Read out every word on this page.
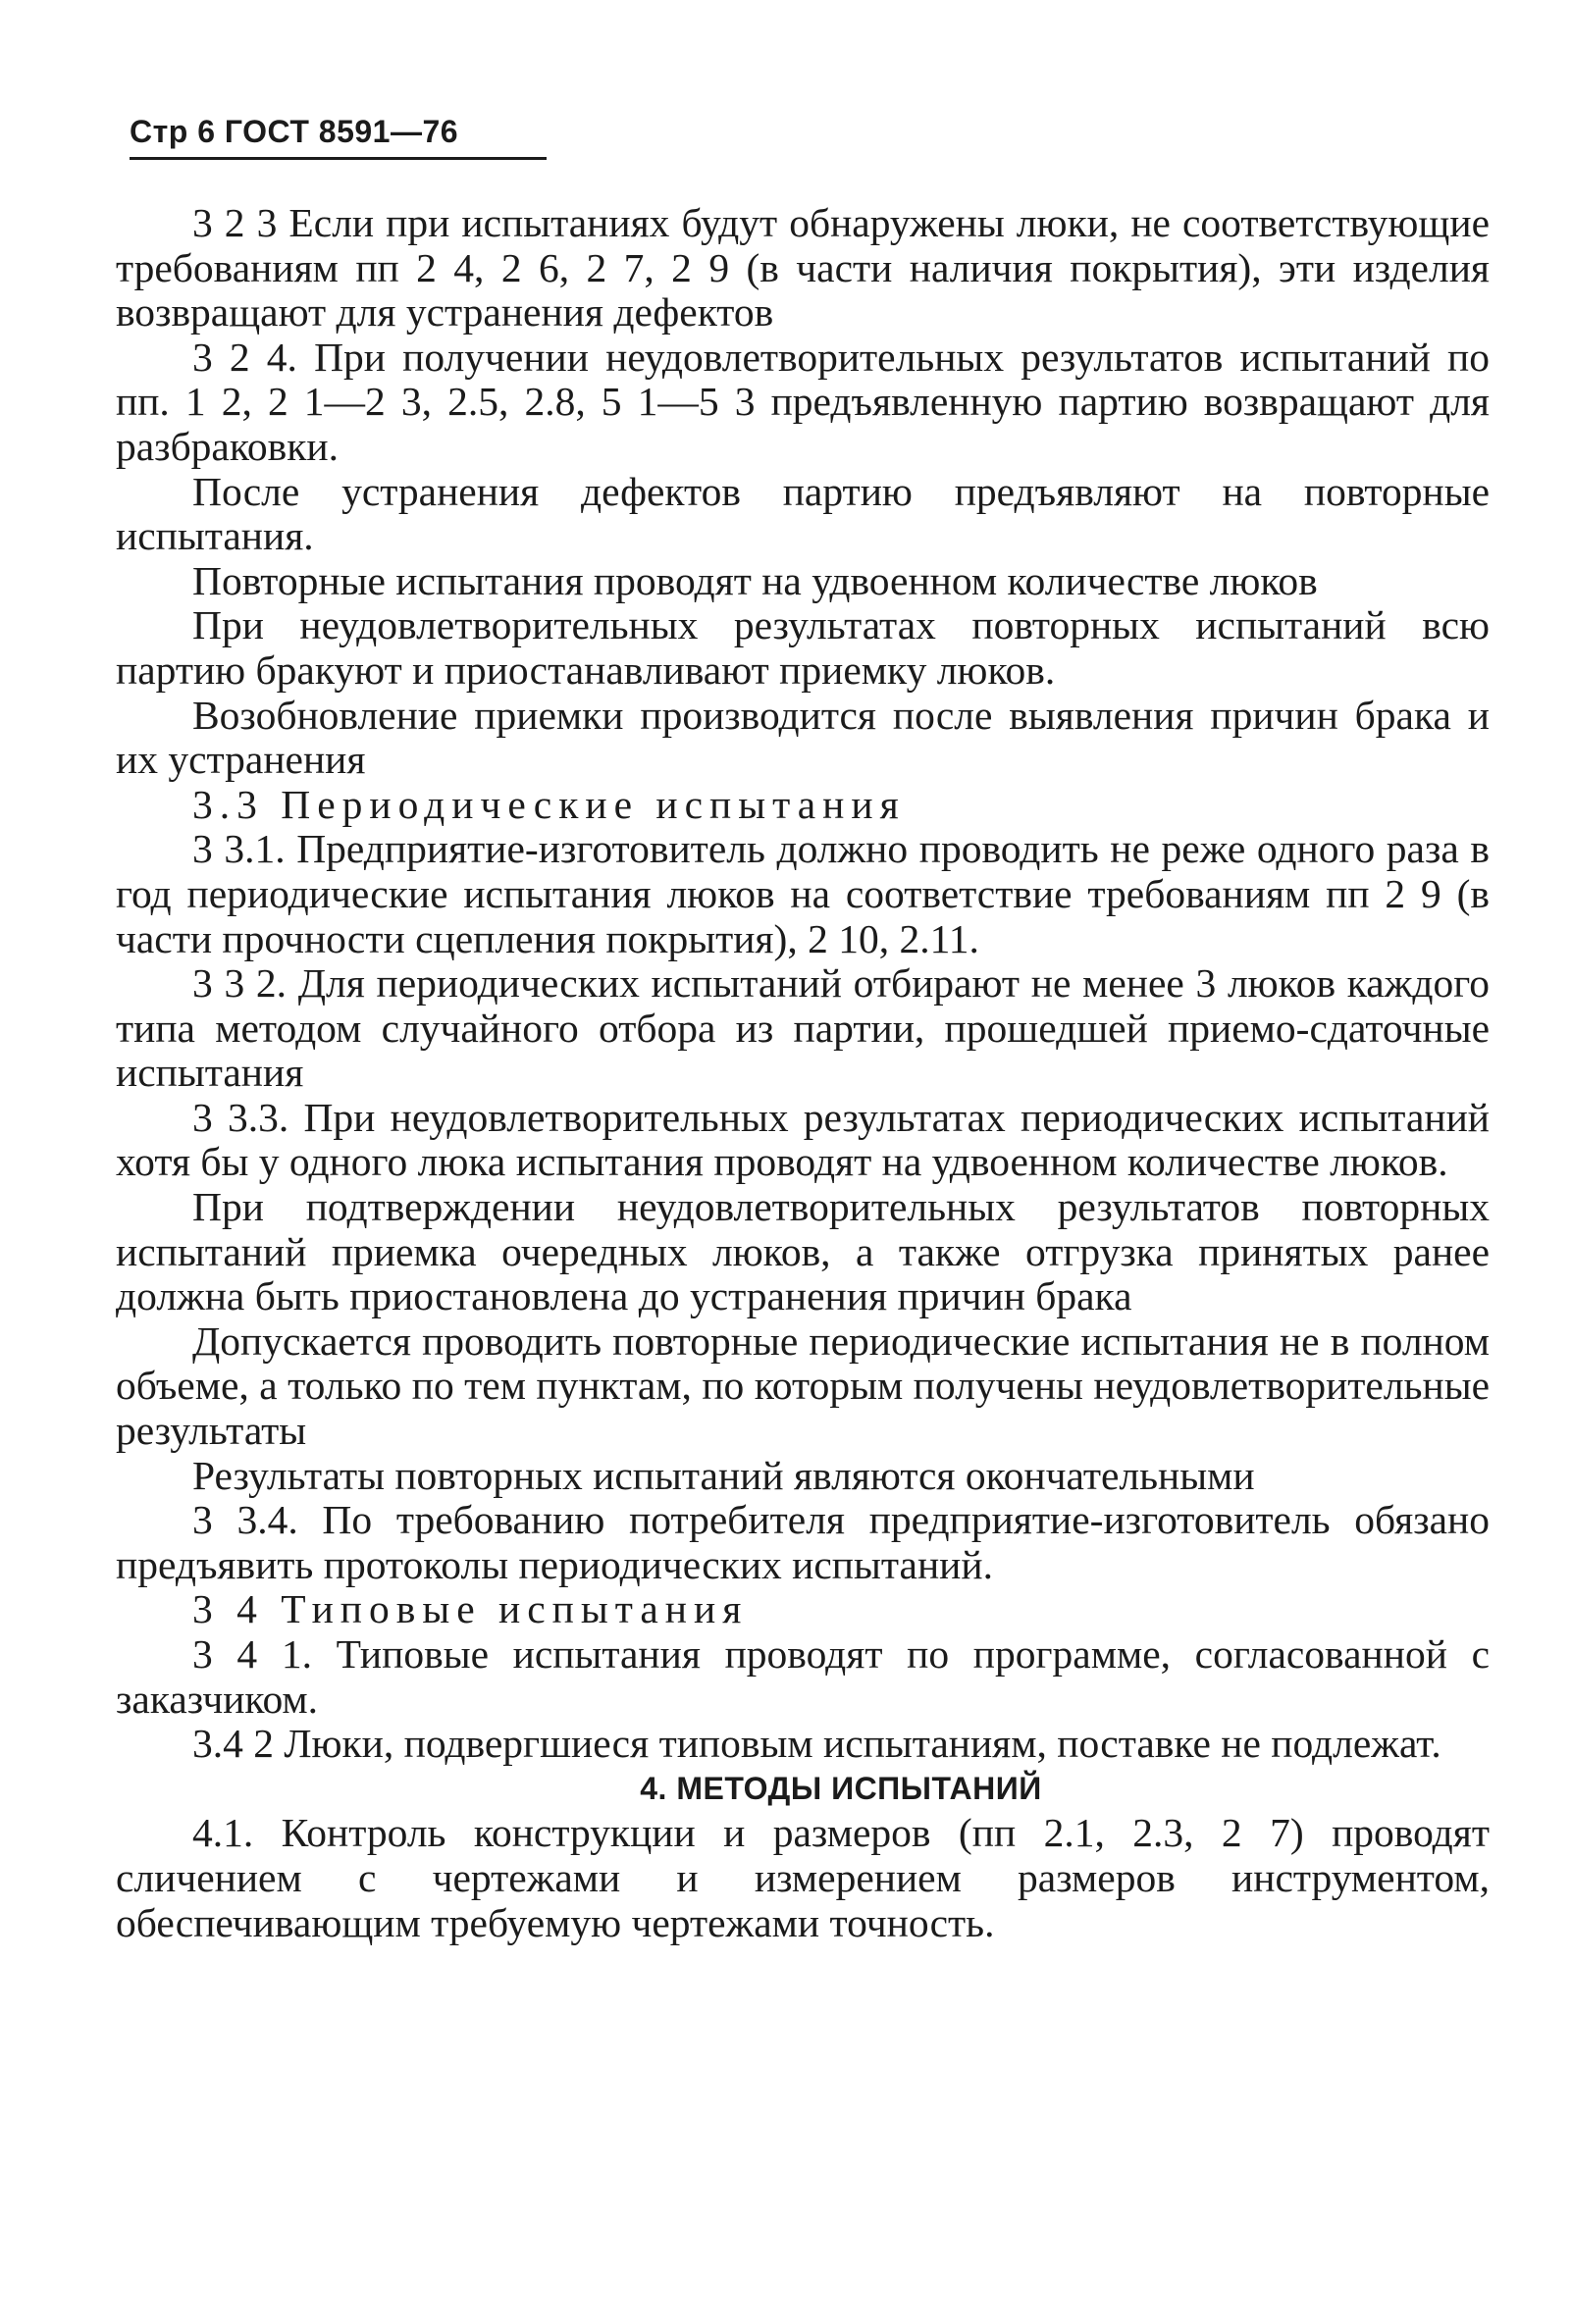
Стр 6 ГОСТ 8591—76

3 2 3 Если при испытаниях будут обнаружены люки, не соответствующие требованиям пп 2 4, 2 6, 2 7, 2 9 (в части наличия покрытия), эти изделия возвращают для устранения дефектов

3 2 4. При получении неудовлетворительных результатов испытаний по пп. 1 2, 2 1—2 3, 2.5, 2.8, 5 1—5 3 предъявленную партию возвращают для разбраковки.

После устранения дефектов партию предъявляют на повторные испытания.

Повторные испытания проводят на удвоенном количестве люков

При неудовлетворительных результатах повторных испытаний всю партию бракуют и приостанавливают приемку люков.

Возобновление приемки производится после выявления причин брака и их устранения

3.3 Периодические испытания

3 3.1. Предприятие-изготовитель должно проводить не реже одного раза в год периодические испытания люков на соответствие требованиям пп 2 9 (в части прочности сцепления покрытия), 2 10, 2.11.

3 3 2. Для периодических испытаний отбирают не менее 3 люков каждого типа методом случайного отбора из партии, прошедшей приемо-сдаточные испытания

3 3.3. При неудовлетворительных результатах периодических испытаний хотя бы у одного люка испытания проводят на удвоенном количестве люков.

При подтверждении неудовлетворительных результатов повторных испытаний приемка очередных люков, а также отгрузка принятых ранее должна быть приостановлена до устранения причин брака

Допускается проводить повторные периодические испытания не в полном объеме, а только по тем пунктам, по которым получены неудовлетворительные результаты

Результаты повторных испытаний являются окончательными

3 3.4. По требованию потребителя предприятие-изготовитель обязано предъявить протоколы периодических испытаний.

3 4 Типовые испытания

3 4 1. Типовые испытания проводят по программе, согласованной с заказчиком.

3.4 2 Люки, подвергшиеся типовым испытаниям, поставке не подлежат.

4. МЕТОДЫ ИСПЫТАНИЙ

4.1. Контроль конструкции и размеров (пп 2.1, 2.3, 2 7) проводят сличением с чертежами и измерением размеров инструментом, обеспечивающим требуемую чертежами точность.
